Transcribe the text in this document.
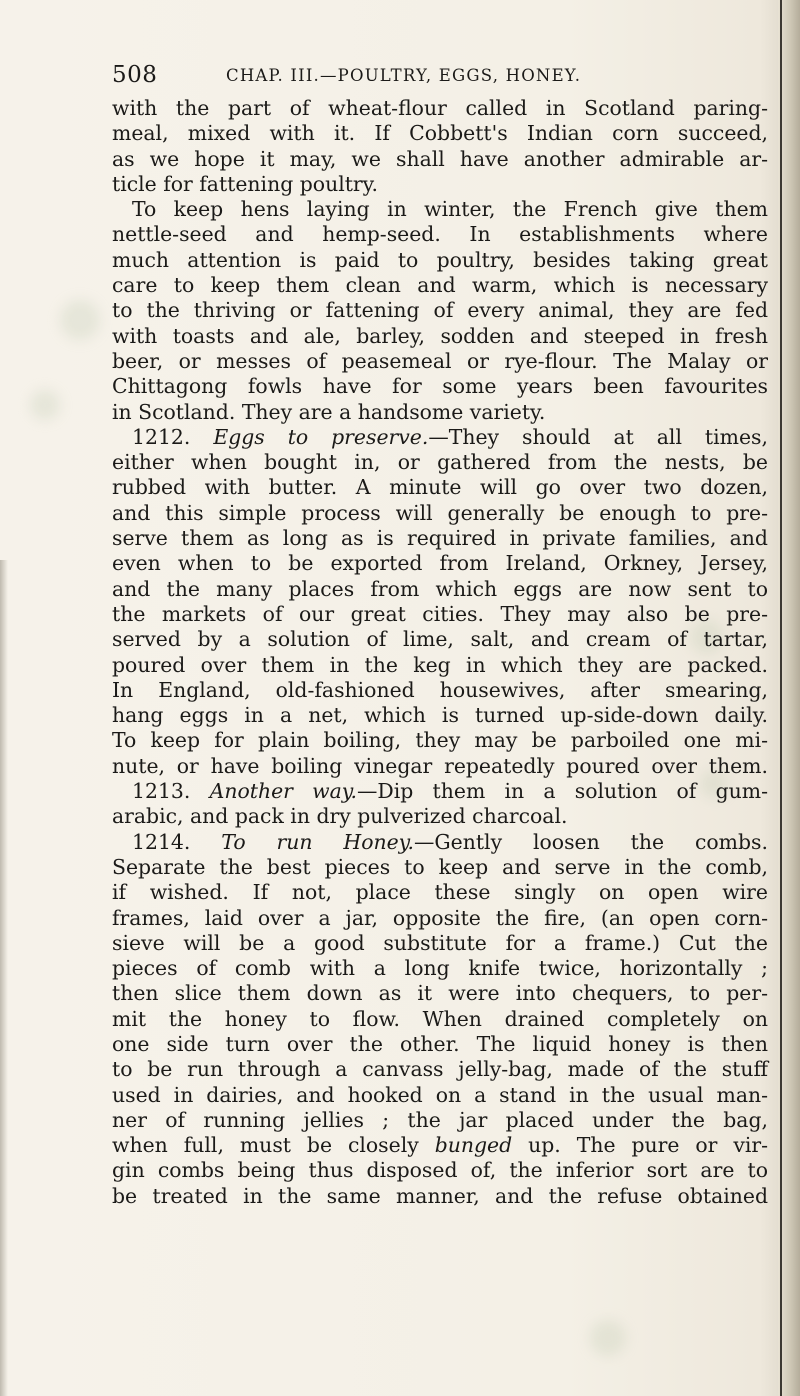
508	CHAP. III.—POULTRY, EGGS, HONEY.
with the part of wheat-flour called in Scotland paring-
meal, mixed with it. If Cobbett's Indian corn succeed,
as we hope it may, we shall have another admirable ar-
ticle for fattening poultry.
To keep hens laying in winter, the French give them
nettle-seed and hemp-seed. In establishments where
much attention is paid to poultry, besides taking great
care to keep them clean and warm, which is necessary
to the thriving or fattening of every animal, they are fed
with toasts and ale, barley, sodden and steeped in fresh
beer, or messes of peasemeal or rye-flour. The Malay or
Chittagong fowls have for some years been favourites
in Scotland. They are a handsome variety.
1212. Eggs to preserve.—They should at all times,
either when bought in, or gathered from the nests, be
rubbed with butter. A minute will go over two dozen,
and this simple process will generally be enough to pre-
serve them as long as is required in private families, and
even when to be exported from Ireland, Orkney, Jersey,
and the many places from which eggs are now sent to
the markets of our great cities. They may also be pre-
served by a solution of lime, salt, and cream of tartar,
poured over them in the keg in which they are packed.
In England, old-fashioned housewives, after smearing,
hang eggs in a net, which is turned up-side-down daily.
To keep for plain boiling, they may be parboiled one mi-
nute, or have boiling vinegar repeatedly poured over them.
1213. Another way.—Dip them in a solution of gum-
arabic, and pack in dry pulverized charcoal.
1214. To run Honey.—Gently loosen the combs.
Separate the best pieces to keep and serve in the comb,
if wished. If not, place these singly on open wire
frames, laid over a jar, opposite the fire, (an open corn-
sieve will be a good substitute for a frame.) Cut the
pieces of comb with a long knife twice, horizontally ;
then slice them down as it were into chequers, to per-
mit the honey to flow. When drained completely on
one side turn over the other. The liquid honey is then
to be run through a canvass jelly-bag, made of the stuff
used in dairies, and hooked on a stand in the usual man-
ner of running jellies ; the jar placed under the bag,
when full, must be closely bunged up. The pure or vir-
gin combs being thus disposed of, the inferior sort are to
be treated in the same manner, and the refuse obtained
